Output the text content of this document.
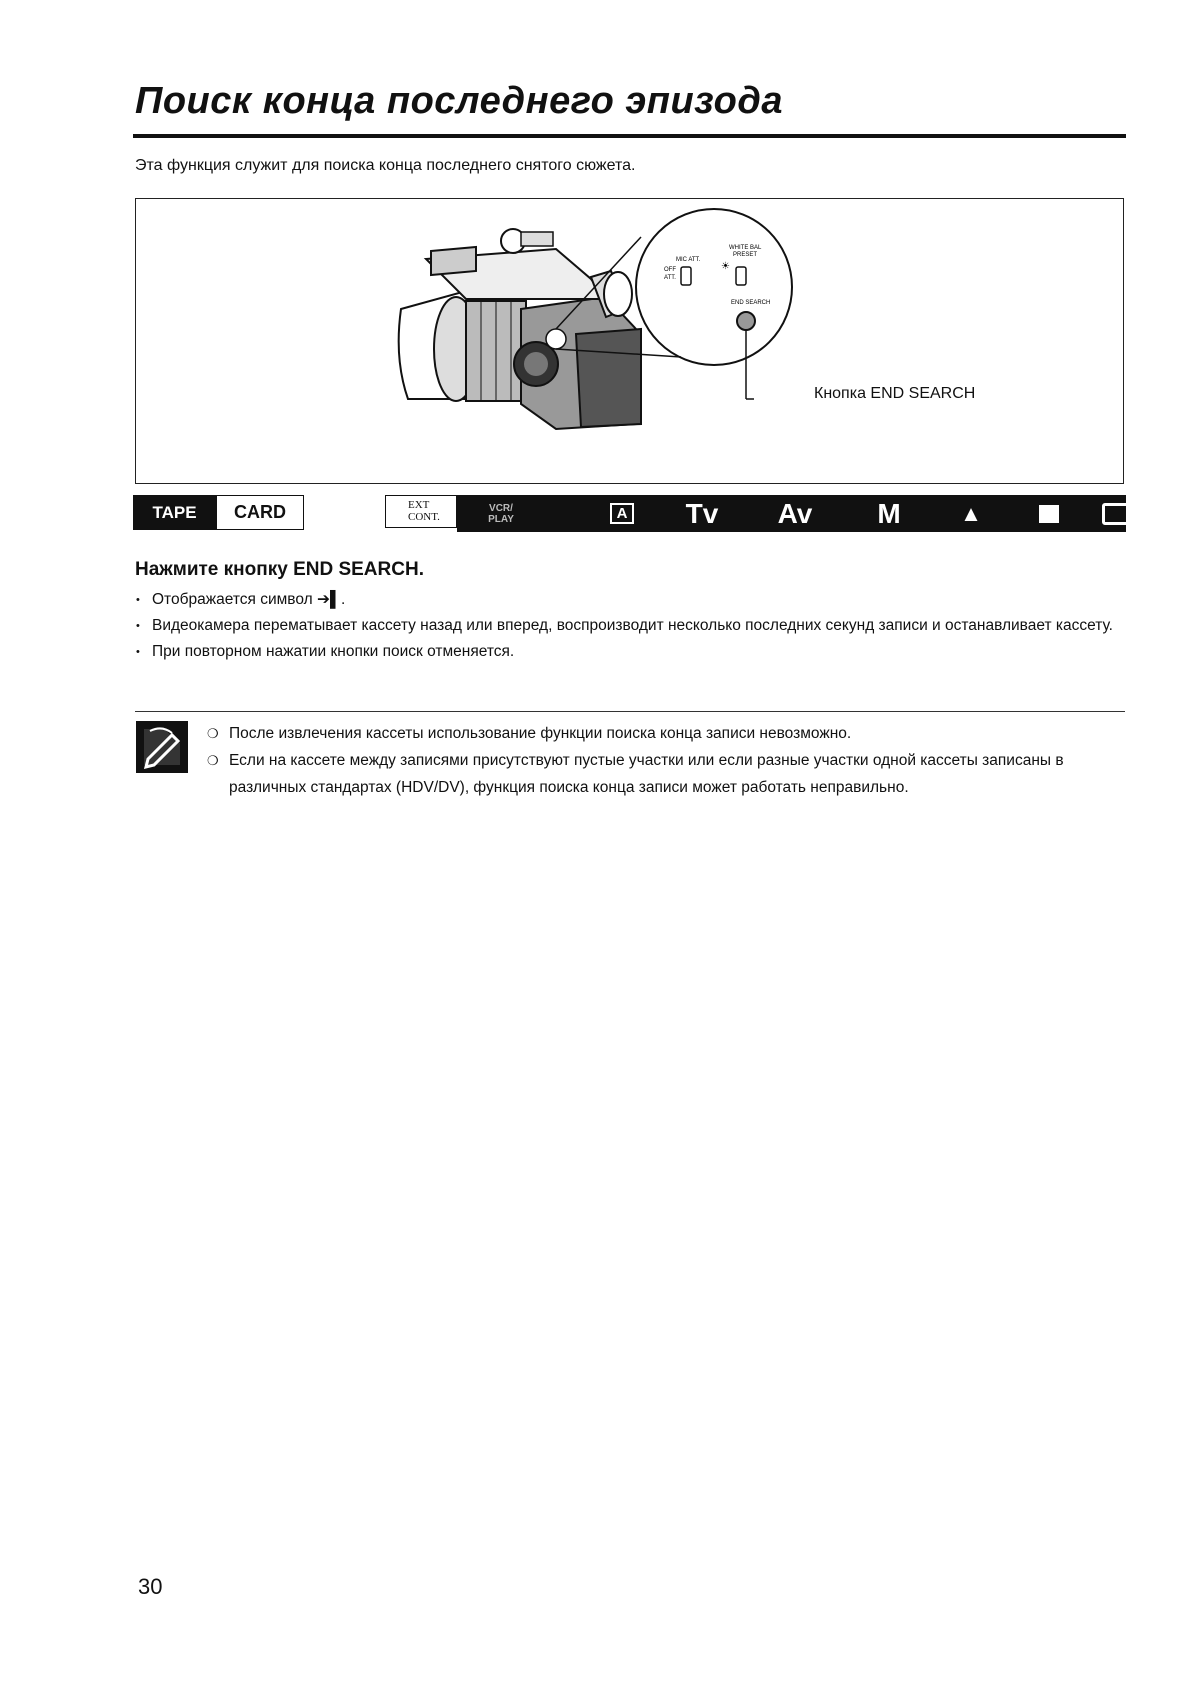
Поиск конца последнего эпизода
Эта функция служит для поиска конца последнего снятого сюжета.
MIC ATT.
OFF
ATT.
WHITE BAL
PRESET
☀
END SEARCH
Кнопка END SEARCH
TAPE	CARD	EXT
CONT.
VCR/
PLAY	A	Tv	Av	M	▲
Нажмите кнопку END SEARCH.
• Отображается символ ➔▌.
• Видеокамера перематывает кассету назад или вперед, воспроизводит несколько последних секунд записи и останавливает кассету.
• При повторном нажатии кнопки поиск отменяется.
❍ После извлечения кассеты использование функции поиска конца записи невозможно.
❍ Если на кассете между записями присутствуют пустые участки или если разные участки одной кассеты записаны в различных стандартах (HDV/DV), функция поиска конца записи может работать неправильно.
30
